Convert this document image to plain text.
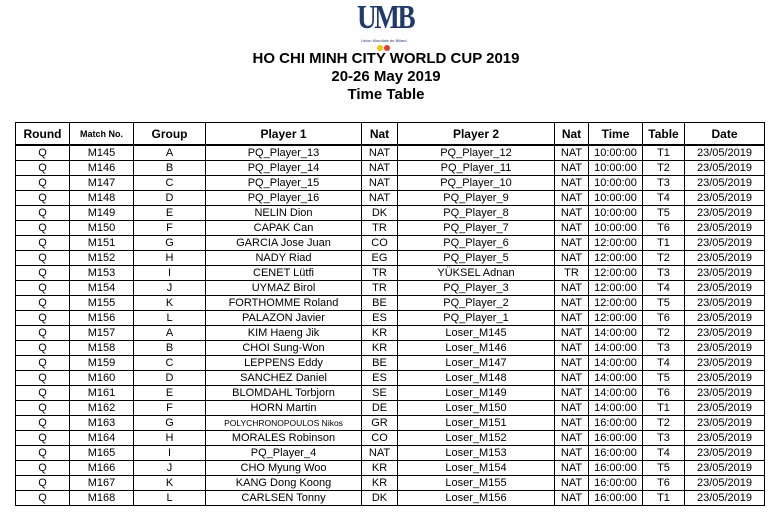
UMB
Union Mondiale de Billard
HO CHI MINH CITY WORLD CUP 2019
20-26 May 2019
Time Table
Round	Match No.	Group	Player 1	Nat	Player 2	Nat	Time	Table	Date
Q	M145	A	PQ_Player_13	NAT	PQ_Player_12	NAT	10:00:00	T1	23/05/2019
Q	M146	B	PQ_Player_14	NAT	PQ_Player_11	NAT	10:00:00	T2	23/05/2019
Q	M147	C	PQ_Player_15	NAT	PQ_Player_10	NAT	10:00:00	T3	23/05/2019
Q	M148	D	PQ_Player_16	NAT	PQ_Player_9	NAT	10:00:00	T4	23/05/2019
Q	M149	E	NELIN Dion	DK	PQ_Player_8	NAT	10:00:00	T5	23/05/2019
Q	M150	F	CAPAK Can	TR	PQ_Player_7	NAT	10:00:00	T6	23/05/2019
Q	M151	G	GARCIA Jose Juan	CO	PQ_Player_6	NAT	12:00:00	T1	23/05/2019
Q	M152	H	NADY Riad	EG	PQ_Player_5	NAT	12:00:00	T2	23/05/2019
Q	M153	I	CENET Lütfi	TR	YÜKSEL Adnan	TR	12:00:00	T3	23/05/2019
Q	M154	J	UYMAZ Birol	TR	PQ_Player_3	NAT	12:00:00	T4	23/05/2019
Q	M155	K	FORTHOMME Roland	BE	PQ_Player_2	NAT	12:00:00	T5	23/05/2019
Q	M156	L	PALAZON Javier	ES	PQ_Player_1	NAT	12:00:00	T6	23/05/2019
Q	M157	A	KIM Haeng Jik	KR	Loser_M145	NAT	14:00:00	T2	23/05/2019
Q	M158	B	CHOI Sung-Won	KR	Loser_M146	NAT	14:00:00	T3	23/05/2019
Q	M159	C	LEPPENS Eddy	BE	Loser_M147	NAT	14:00:00	T4	23/05/2019
Q	M160	D	SANCHEZ Daniel	ES	Loser_M148	NAT	14:00:00	T5	23/05/2019
Q	M161	E	BLOMDAHL Torbjorn	SE	Loser_M149	NAT	14:00:00	T6	23/05/2019
Q	M162	F	HORN Martin	DE	Loser_M150	NAT	14:00:00	T1	23/05/2019
Q	M163	G	POLYCHRONOPOULOS Nikos	GR	Loser_M151	NAT	16:00:00	T2	23/05/2019
Q	M164	H	MORALES Robinson	CO	Loser_M152	NAT	16:00:00	T3	23/05/2019
Q	M165	I	PQ_Player_4	NAT	Loser_M153	NAT	16:00:00	T4	23/05/2019
Q	M166	J	CHO Myung Woo	KR	Loser_M154	NAT	16:00:00	T5	23/05/2019
Q	M167	K	KANG Dong Koong	KR	Loser_M155	NAT	16:00:00	T6	23/05/2019
Q	M168	L	CARLSEN Tonny	DK	Loser_M156	NAT	16:00:00	T1	23/05/2019
